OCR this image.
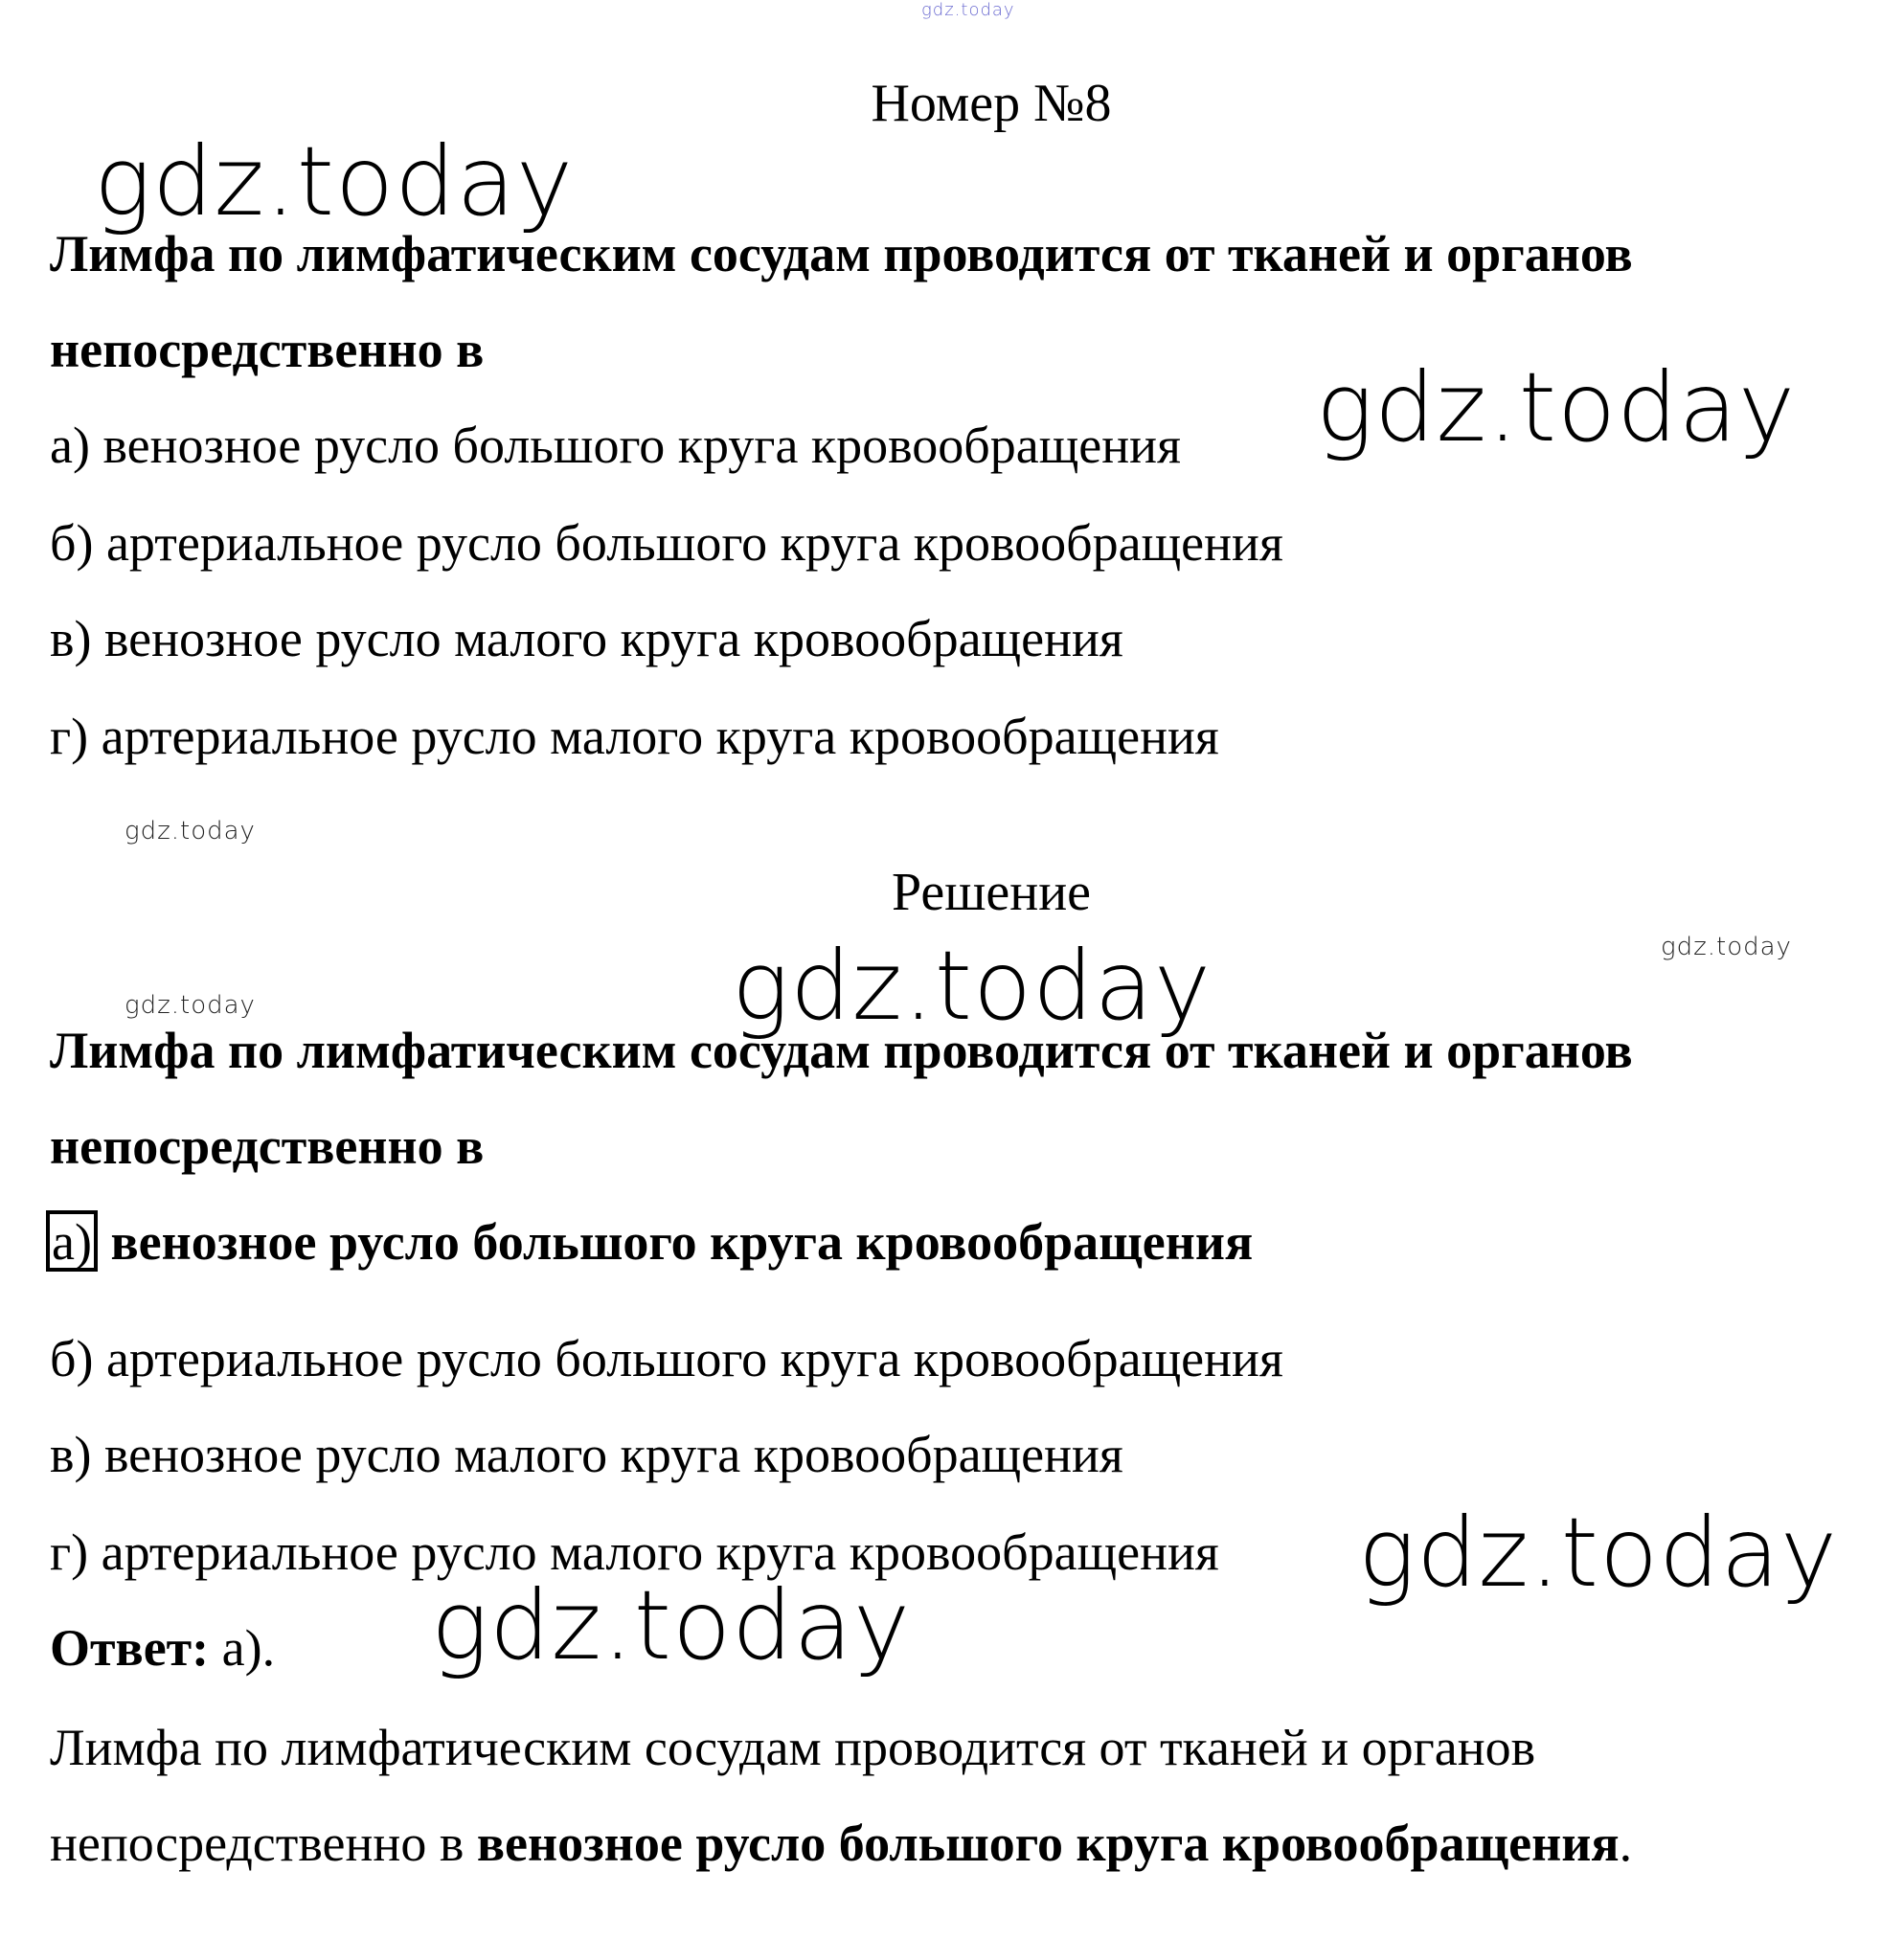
gdz.today
gdz.today
gdz.today
gdz.today
gdz.today
gdz.today	gdz.today
gdz.today
gdz.today
Номер №8
Лимфа по лимфатическим сосудам проводится от тканей и органов
непосредственно в
а) венозное русло большого круга кровообращения
б) артериальное русло большого круга кровообращения
в) венозное русло малого круга кровообращения
г) артериальное русло малого круга кровообращения
Решение
Лимфа по лимфатическим сосудам проводится от тканей и органов
непосредственно в
а) венозное русло большого круга кровообращения
б) артериальное русло большого круга кровообращения
в) венозное русло малого круга кровообращения
г) артериальное русло малого круга кровообращения
Ответ: а).
Лимфа по лимфатическим сосудам проводится от тканей и органов
непосредственно в венозное русло большого круга кровообращения.
